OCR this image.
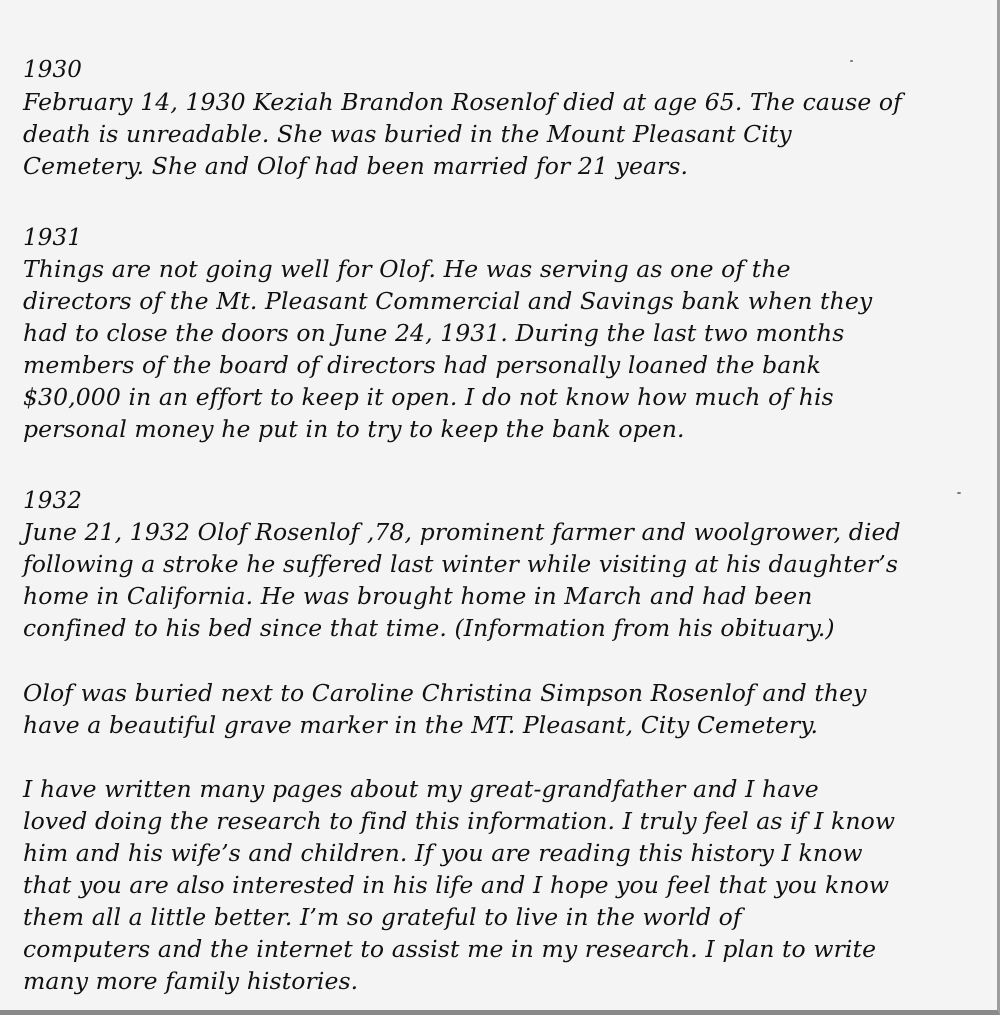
1930
February 14, 1930 Keziah Brandon Rosenlof died at age 65. The cause of
death is unreadable. She was buried in the Mount Pleasant City
Cemetery. She and Olof had been married for 21 years.
1931
Things are not going well for Olof. He was serving as one of the
directors of the Mt. Pleasant Commercial and Savings bank when they
had to close the doors on June 24, 1931. During the last two months
members of the board of directors had personally loaned the bank
$30,000 in an effort to keep it open. I do not know how much of his
personal money he put in to try to keep the bank open.
1932
June 21, 1932 Olof Rosenlof ,78, prominent farmer and woolgrower, died
following a stroke he suffered last winter while visiting at his daughter’s
home in California. He was brought home in March and had been
confined to his bed since that time. (Information from his obituary.)
Olof was buried next to Caroline Christina Simpson Rosenlof and they
have a beautiful grave marker in the MT. Pleasant, City Cemetery.
I have written many pages about my great-grandfather and I have
loved doing the research to find this information. I truly feel as if I know
him and his wife’s and children. If you are reading this history I know
that you are also interested in his life and I hope you feel that you know
them all a little better. I’m so grateful to live in the world of
computers and the internet to assist me in my research. I plan to write
many more family histories.
